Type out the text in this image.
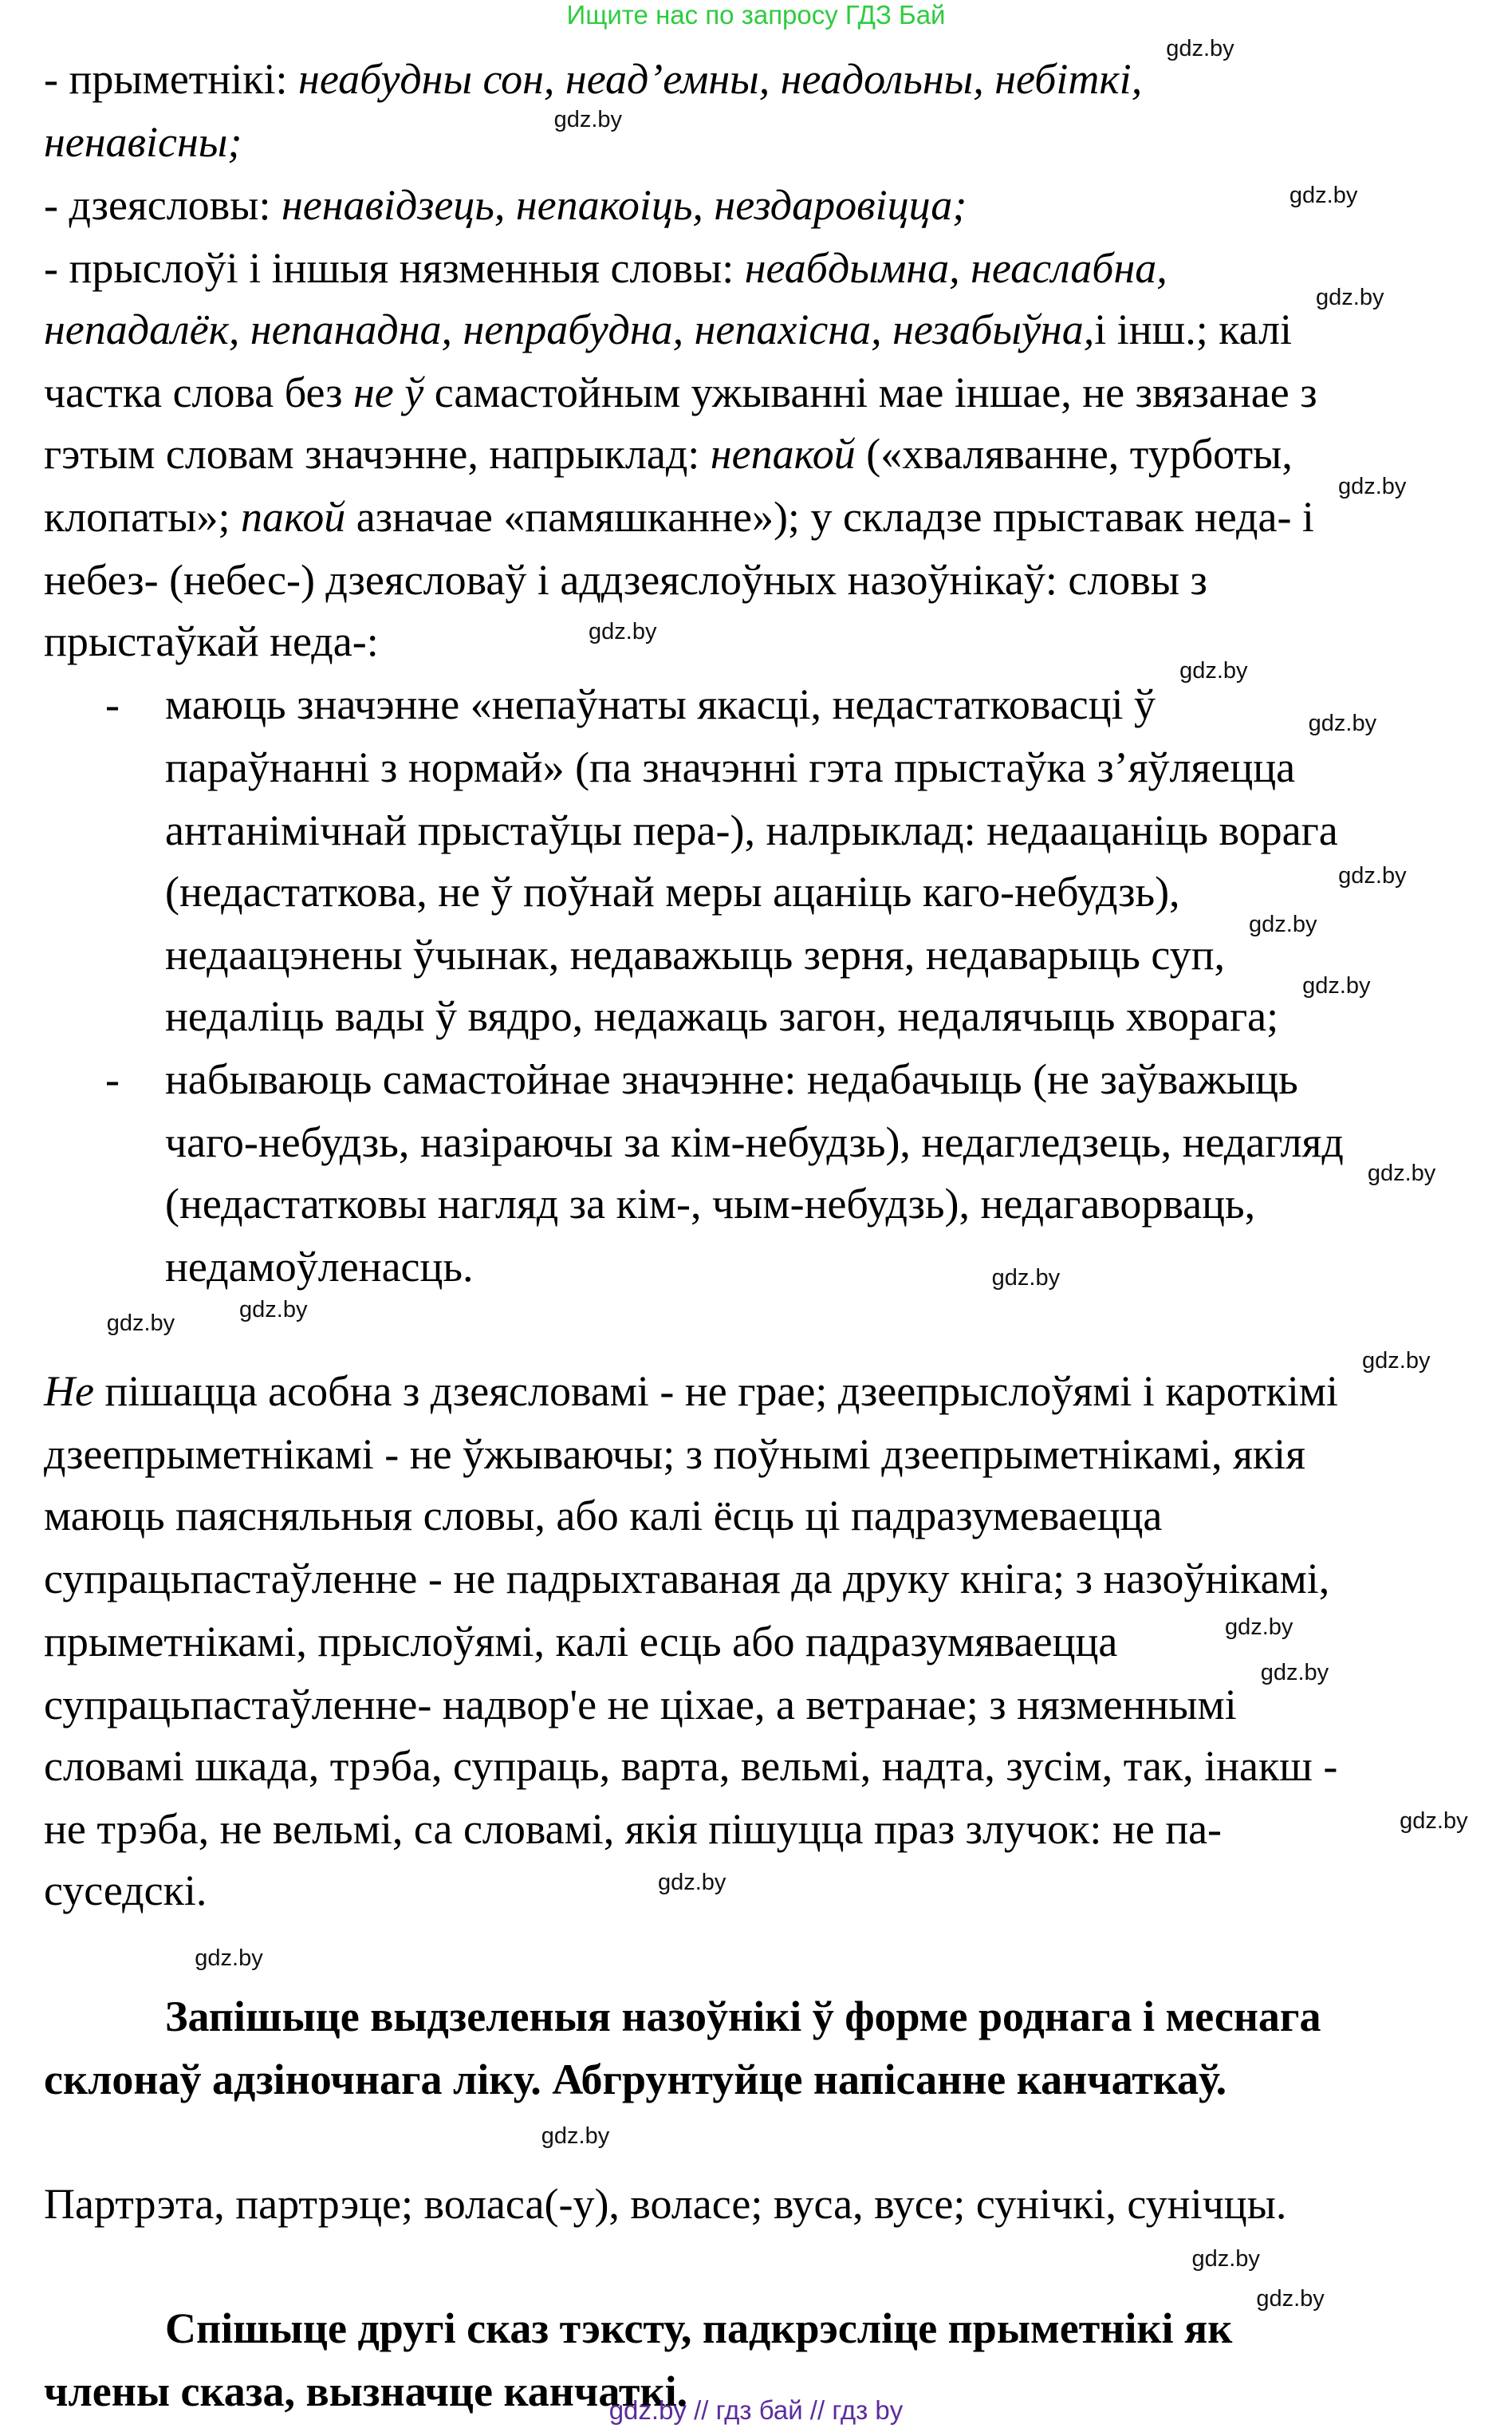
Ищите нас по запросу ГДЗ Бай
- прыметнікі: неабудны сон, неад’емны, неадольны, небіткі,
ненавісны;
- дзеясловы: ненавідзець, непакоіць, нездаровіцца;
- прыслоўі і іншыя нязменныя словы: неабдымна, неаслабна,
непадалёк, непанадна, непрабудна, непахісна, незабыўна,і інш.; калі
частка слова без не ў самастойным ужыванні мае іншае, не звязанае з
гэтым словам значэнне, напрыклад: непакой («хваляванне, турботы,
клопаты»; пакой азначае «памяшканне»); у складзе прыставак неда- і
небез- (небес-) дзеясловаў і аддзеяслоўных назоўнікаў: словы з
прыстаўкай неда-:
маюць значэнне «непаўнаты якасці, недастатковасці ў
-
параўнанні з нормай» (па значэнні гэта прыстаўка з’яўляецца
антанімічнай прыстаўцы пера-), налрыклад: недаацаніць ворага
(недастаткова, не ў поўнай меры ацаніць каго-небудзь),
недаацэнены ўчынак, недаважыць зерня, недаварыць суп,
недаліць вады ў вядро, недажаць загон, недалячыць хворага;
набываюць самастойнае значэнне: недабачыць (не заўважыць
-
чаго-небудзь, назіраючы за кім-небудзь), недагледзець, недагляд
(недастатковы нагляд за кім-, чым-небудзь), недагаворваць,
недамоўленасць.
Не пішацца асобна з дзеясловамі - не грае; дзеепрыслоўямі і кароткімі
дзеепрыметнікамі - не ўжываючы; з поўнымі дзеепрыметнікамі, якія
маюць паясняльныя словы, або калі ёсць ці падразумеваецца
супрацьпастаўленне - не падрыхтаваная да друку кніга; з назоўнікамі,
прыметнікамі, прыслоўямі, калі есць або падразумяваецца
супрацьпастаўленне- надвор'е не ціхае, а ветранае; з нязменнымі
словамі шкада, трэба, супраць, варта, вельмі, надта, зусім, так, інакш -
не трэба, не вельмі, са словамі, якія пішуцца праз злучок: не па-
суседскі.
Запішыце выдзеленыя назоўнікі ў форме роднага і меснага
склонаў адзіночнага ліку. Абгрунтуйце напісанне канчаткаў.
Партрэта, партрэце; воласа(-у), воласе; вуса, вусе; сунічкі, сунічцы.
Спішыце другі сказ тэксту, падкрэсліце прыметнікі як
члены сказа, вызначце канчаткі.
gdz.by
gdz.by
gdz.by
gdz.by
gdz.by
gdz.by
gdz.by
gdz.by
gdz.by
gdz.by
gdz.by
gdz.by
gdz.by
gdz.by
gdz.by
gdz.by
gdz.by
gdz.by
gdz.by
gdz.by
gdz.by
gdz.by
gdz.by
gdz.by
gdz.by // гдз бай // гдз by
